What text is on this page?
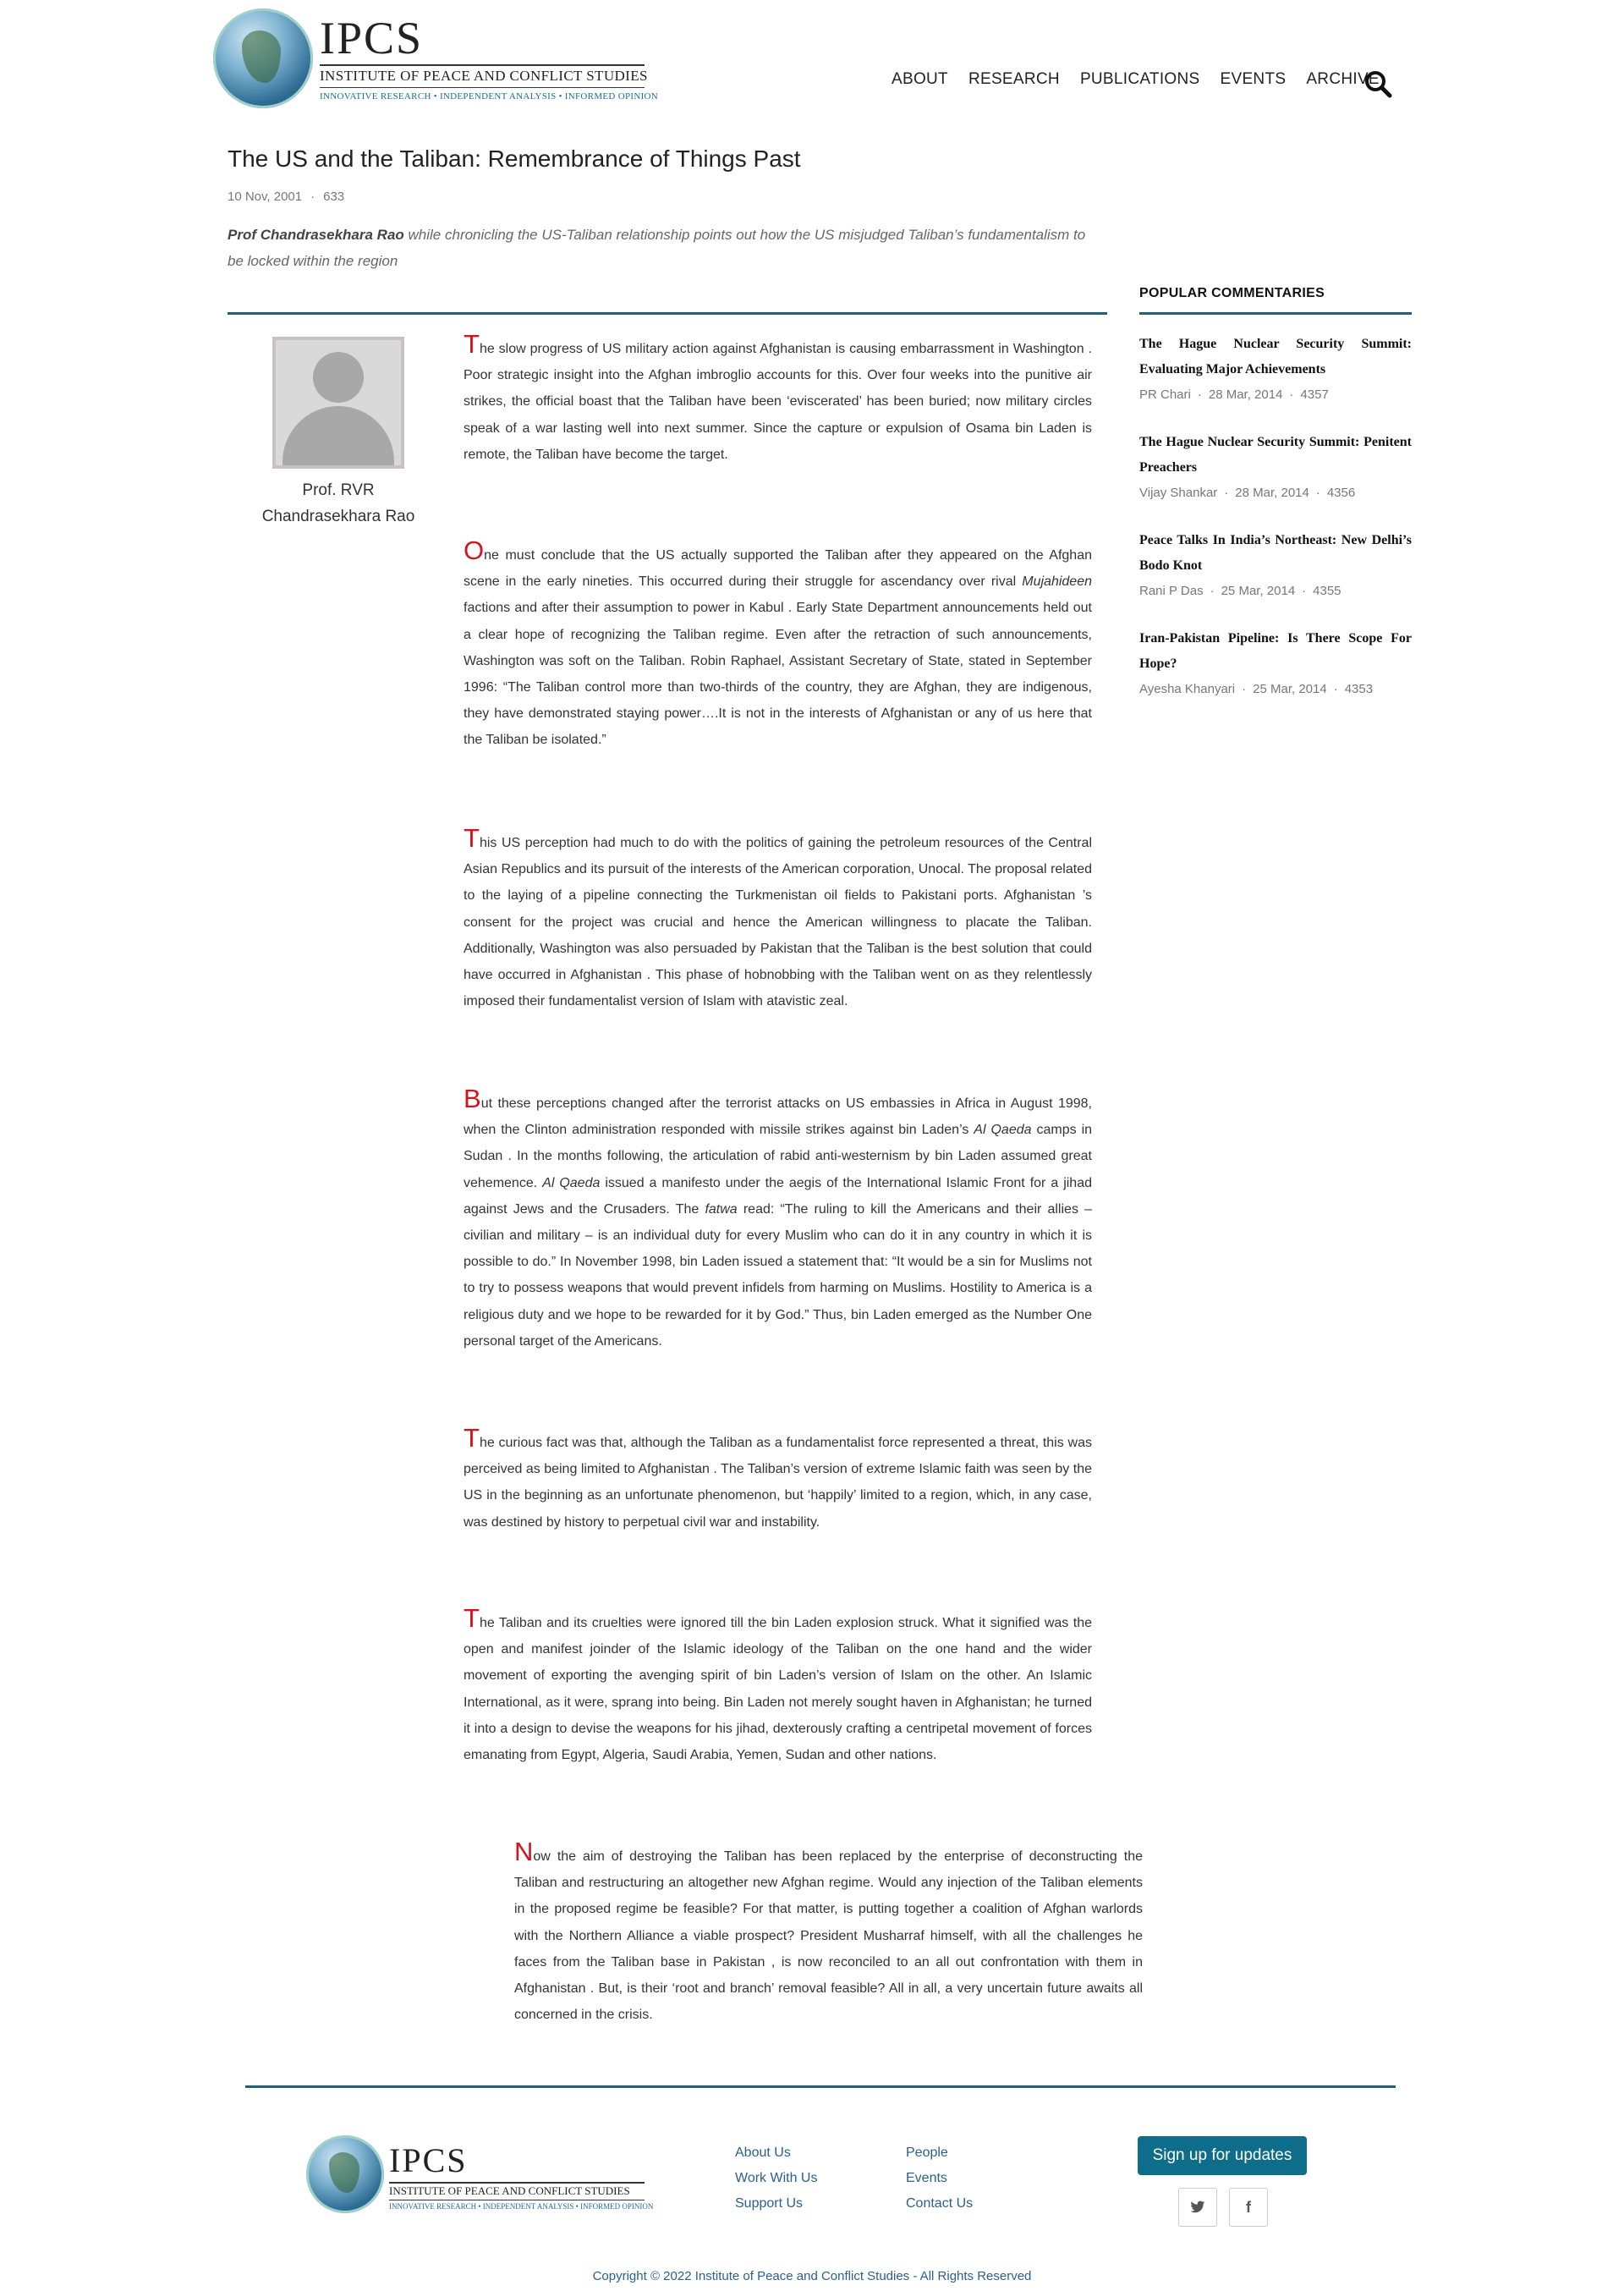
IPCS
INSTITUTE OF PEACE AND CONFLICT STUDIES
INNOVATIVE RESEARCH • INDEPENDENT ANALYSIS • INFORMED OPINION
ABOUT RESEARCH PUBLICATIONS EVENTS ARCHIVE
The US and the Taliban: Remembrance of Things Past
10 Nov, 2001 · 633
Prof Chandrasekhara Rao while chronicling the US-Taliban relationship points out how the US misjudged Taliban’s fundamentalism to be locked within the region
Prof. RVR
Chandrasekhara Rao

The slow progress of US military action against Afghanistan is causing embarrassment in Washington . Poor strategic insight into the Afghan imbroglio accounts for this. Over four weeks into the punitive air strikes, the official boast that the Taliban have been ‘eviscerated’ has been buried; now military circles speak of a war lasting well into next summer. Since the capture or expulsion of Osama bin Laden is remote, the Taliban have become the target.

One must conclude that the US actually supported the Taliban after they appeared on the Afghan scene in the early nineties. This occurred during their struggle for ascendancy over rival Mujahideen factions and after their assumption to power in Kabul . Early State Department announcements held out a clear hope of recognizing the Taliban regime. Even after the retraction of such announcements, Washington was soft on the Taliban. Robin Raphael, Assistant Secretary of State, stated in September 1996: “The Taliban control more than two-thirds of the country, they are Afghan, they are indigenous, they have demonstrated staying power….It is not in the interests of Afghanistan or any of us here that the Taliban be isolated.”

This US perception had much to do with the politics of gaining the petroleum resources of the Central Asian Republics and its pursuit of the interests of the American corporation, Unocal. The proposal related to the laying of a pipeline connecting the Turkmenistan oil fields to Pakistani ports. Afghanistan ’s consent for the project was crucial and hence the American willingness to placate the Taliban. Additionally, Washington was also persuaded by Pakistan that the Taliban is the best solution that could have occurred in Afghanistan . This phase of hobnobbing with the Taliban went on as they relentlessly imposed their fundamentalist version of Islam with atavistic zeal.

But these perceptions changed after the terrorist attacks on US embassies in Africa in August 1998, when the Clinton administration responded with missile strikes against bin Laden’s Al Qaeda camps in Sudan . In the months following, the articulation of rabid anti-westernism by bin Laden assumed great vehemence. Al Qaeda issued a manifesto under the aegis of the International Islamic Front for a jihad against Jews and the Crusaders. The fatwa read: “The ruling to kill the Americans and their allies – civilian and military – is an individual duty for every Muslim who can do it in any country in which it is possible to do.” In November 1998, bin Laden issued a statement that: “It would be a sin for Muslims not to try to possess weapons that would prevent infidels from harming on Muslims. Hostility to America is a religious duty and we hope to be rewarded for it by God.” Thus, bin Laden emerged as the Number One personal target of the Americans.

The curious fact was that, although the Taliban as a fundamentalist force represented a threat, this was perceived as being limited to Afghanistan . The Taliban’s version of extreme Islamic faith was seen by the US in the beginning as an unfortunate phenomenon, but ‘happily’ limited to a region, which, in any case, was destined by history to perpetual civil war and instability.

The Taliban and its cruelties were ignored till the bin Laden explosion struck. What it signified was the open and manifest joinder of the Islamic ideology of the Taliban on the one hand and the wider movement of exporting the avenging spirit of bin Laden’s version of Islam on the other. An Islamic International, as it were, sprang into being. Bin Laden not merely sought haven in Afghanistan; he turned it into a design to devise the weapons for his jihad, dexterously crafting a centripetal movement of forces emanating from Egypt, Algeria, Saudi Arabia, Yemen, Sudan and other nations.

Now the aim of destroying the Taliban has been replaced by the enterprise of deconstructing the Taliban and restructuring an altogether new Afghan regime. Would any injection of the Taliban elements in the proposed regime be feasible? For that matter, is putting together a coalition of Afghan warlords with the Northern Alliance a viable prospect? President Musharraf himself, with all the challenges he faces from the Taliban base in Pakistan , is now reconciled to an all out confrontation with them in Afghanistan . But, is their ‘root and branch’ removal feasible? All in all, a very uncertain future awaits all concerned in the crisis.

POPULAR COMMENTARIES
The Hague Nuclear Security Summit: Evaluating Major Achievements
PR Chari · 28 Mar, 2014 · 4357
The Hague Nuclear Security Summit: Penitent Preachers
Vijay Shankar · 28 Mar, 2014 · 4356
Peace Talks In India’s Northeast: New Delhi’s Bodo Knot
Rani P Das · 25 Mar, 2014 · 4355
Iran-Pakistan Pipeline: Is There Scope For Hope?
Ayesha Khanyari · 25 Mar, 2014 · 4353
IPCS
INSTITUTE OF PEACE AND CONFLICT STUDIES
INNOVATIVE RESEARCH • INDEPENDENT ANALYSIS • INFORMED OPINION
About Us
Work With Us
Support Us
People
Events
Contact Us
Sign up for updates
f
Copyright © 2022 Institute of Peace and Conflict Studies - All Rights Reserved
